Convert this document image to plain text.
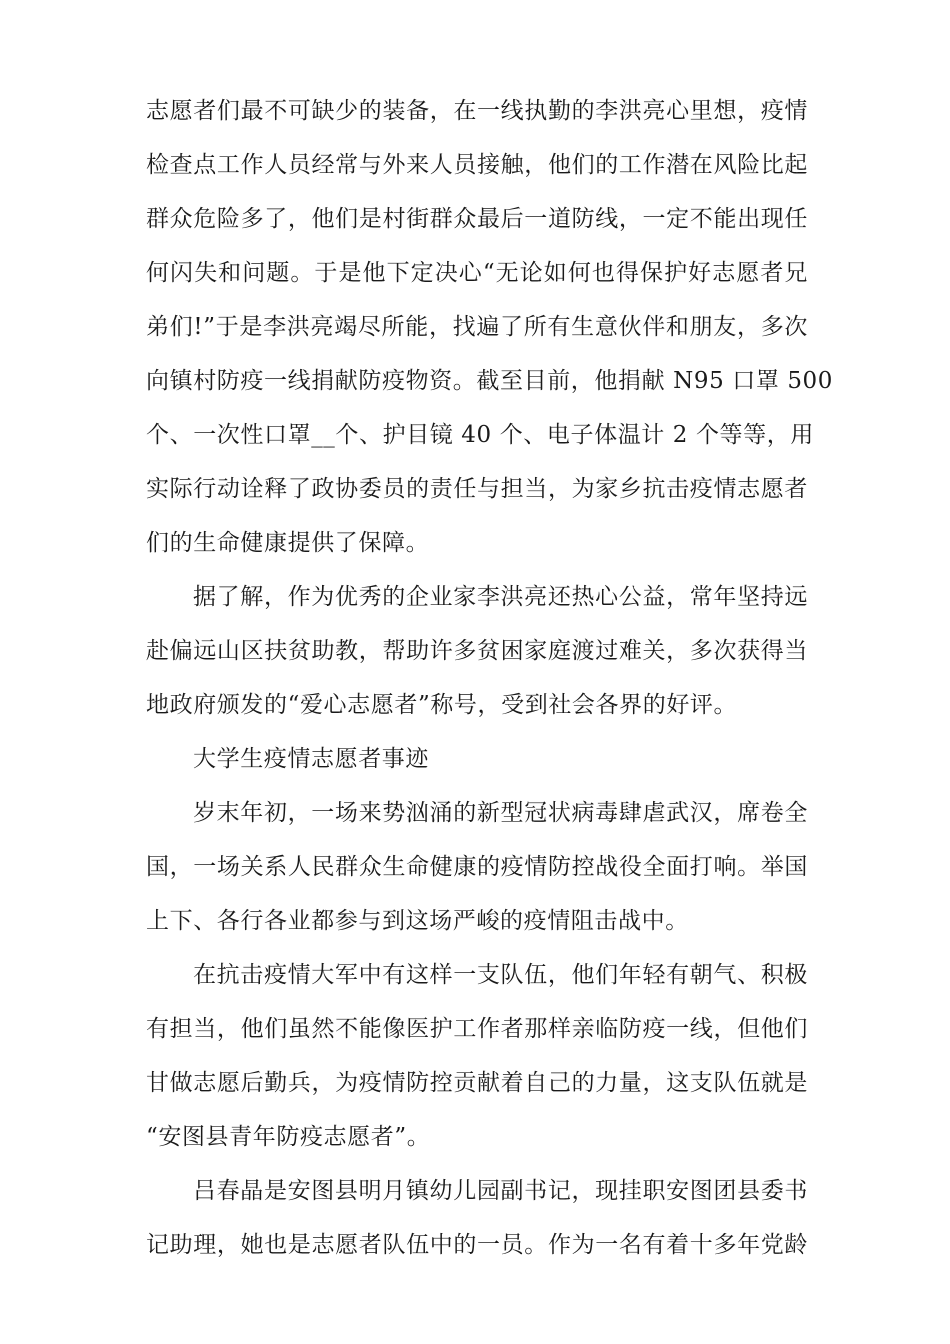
志愿者们最不可缺少的装备，在一线执勤的李洪亮心里想，疫情
检查点工作人员经常与外来人员接触，他们的工作潜在风险比起
群众危险多了，他们是村街群众最后一道防线，一定不能出现任
何闪失和问题。于是他下定决心“无论如何也得保护好志愿者兄
弟们!”于是李洪亮竭尽所能，找遍了所有生意伙伴和朋友，多次
向镇村防疫一线捐献防疫物资。截至目前，他捐献 N95 口罩 500
个、一次性口罩__个、护目镜 40 个、电子体温计 2 个等等，用
实际行动诠释了政协委员的责任与担当，为家乡抗击疫情志愿者
们的生命健康提供了保障。

据了解，作为优秀的企业家李洪亮还热心公益，常年坚持远
赴偏远山区扶贫助教，帮助许多贫困家庭渡过难关，多次获得当
地政府颁发的“爱心志愿者”称号，受到社会各界的好评。

大学生疫情志愿者事迹

岁末年初，一场来势汹涌的新型冠状病毒肆虐武汉，席卷全
国，一场关系人民群众生命健康的疫情防控战役全面打响。举国
上下、各行各业都参与到这场严峻的疫情阻击战中。

在抗击疫情大军中有这样一支队伍，他们年轻有朝气、积极
有担当，他们虽然不能像医护工作者那样亲临防疫一线，但他们
甘做志愿后勤兵，为疫情防控贡献着自己的力量，这支队伍就是
“安图县青年防疫志愿者”。

吕春晶是安图县明月镇幼儿园副书记，现挂职安图团县委书
记助理，她也是志愿者队伍中的一员。作为一名有着十多年党龄
